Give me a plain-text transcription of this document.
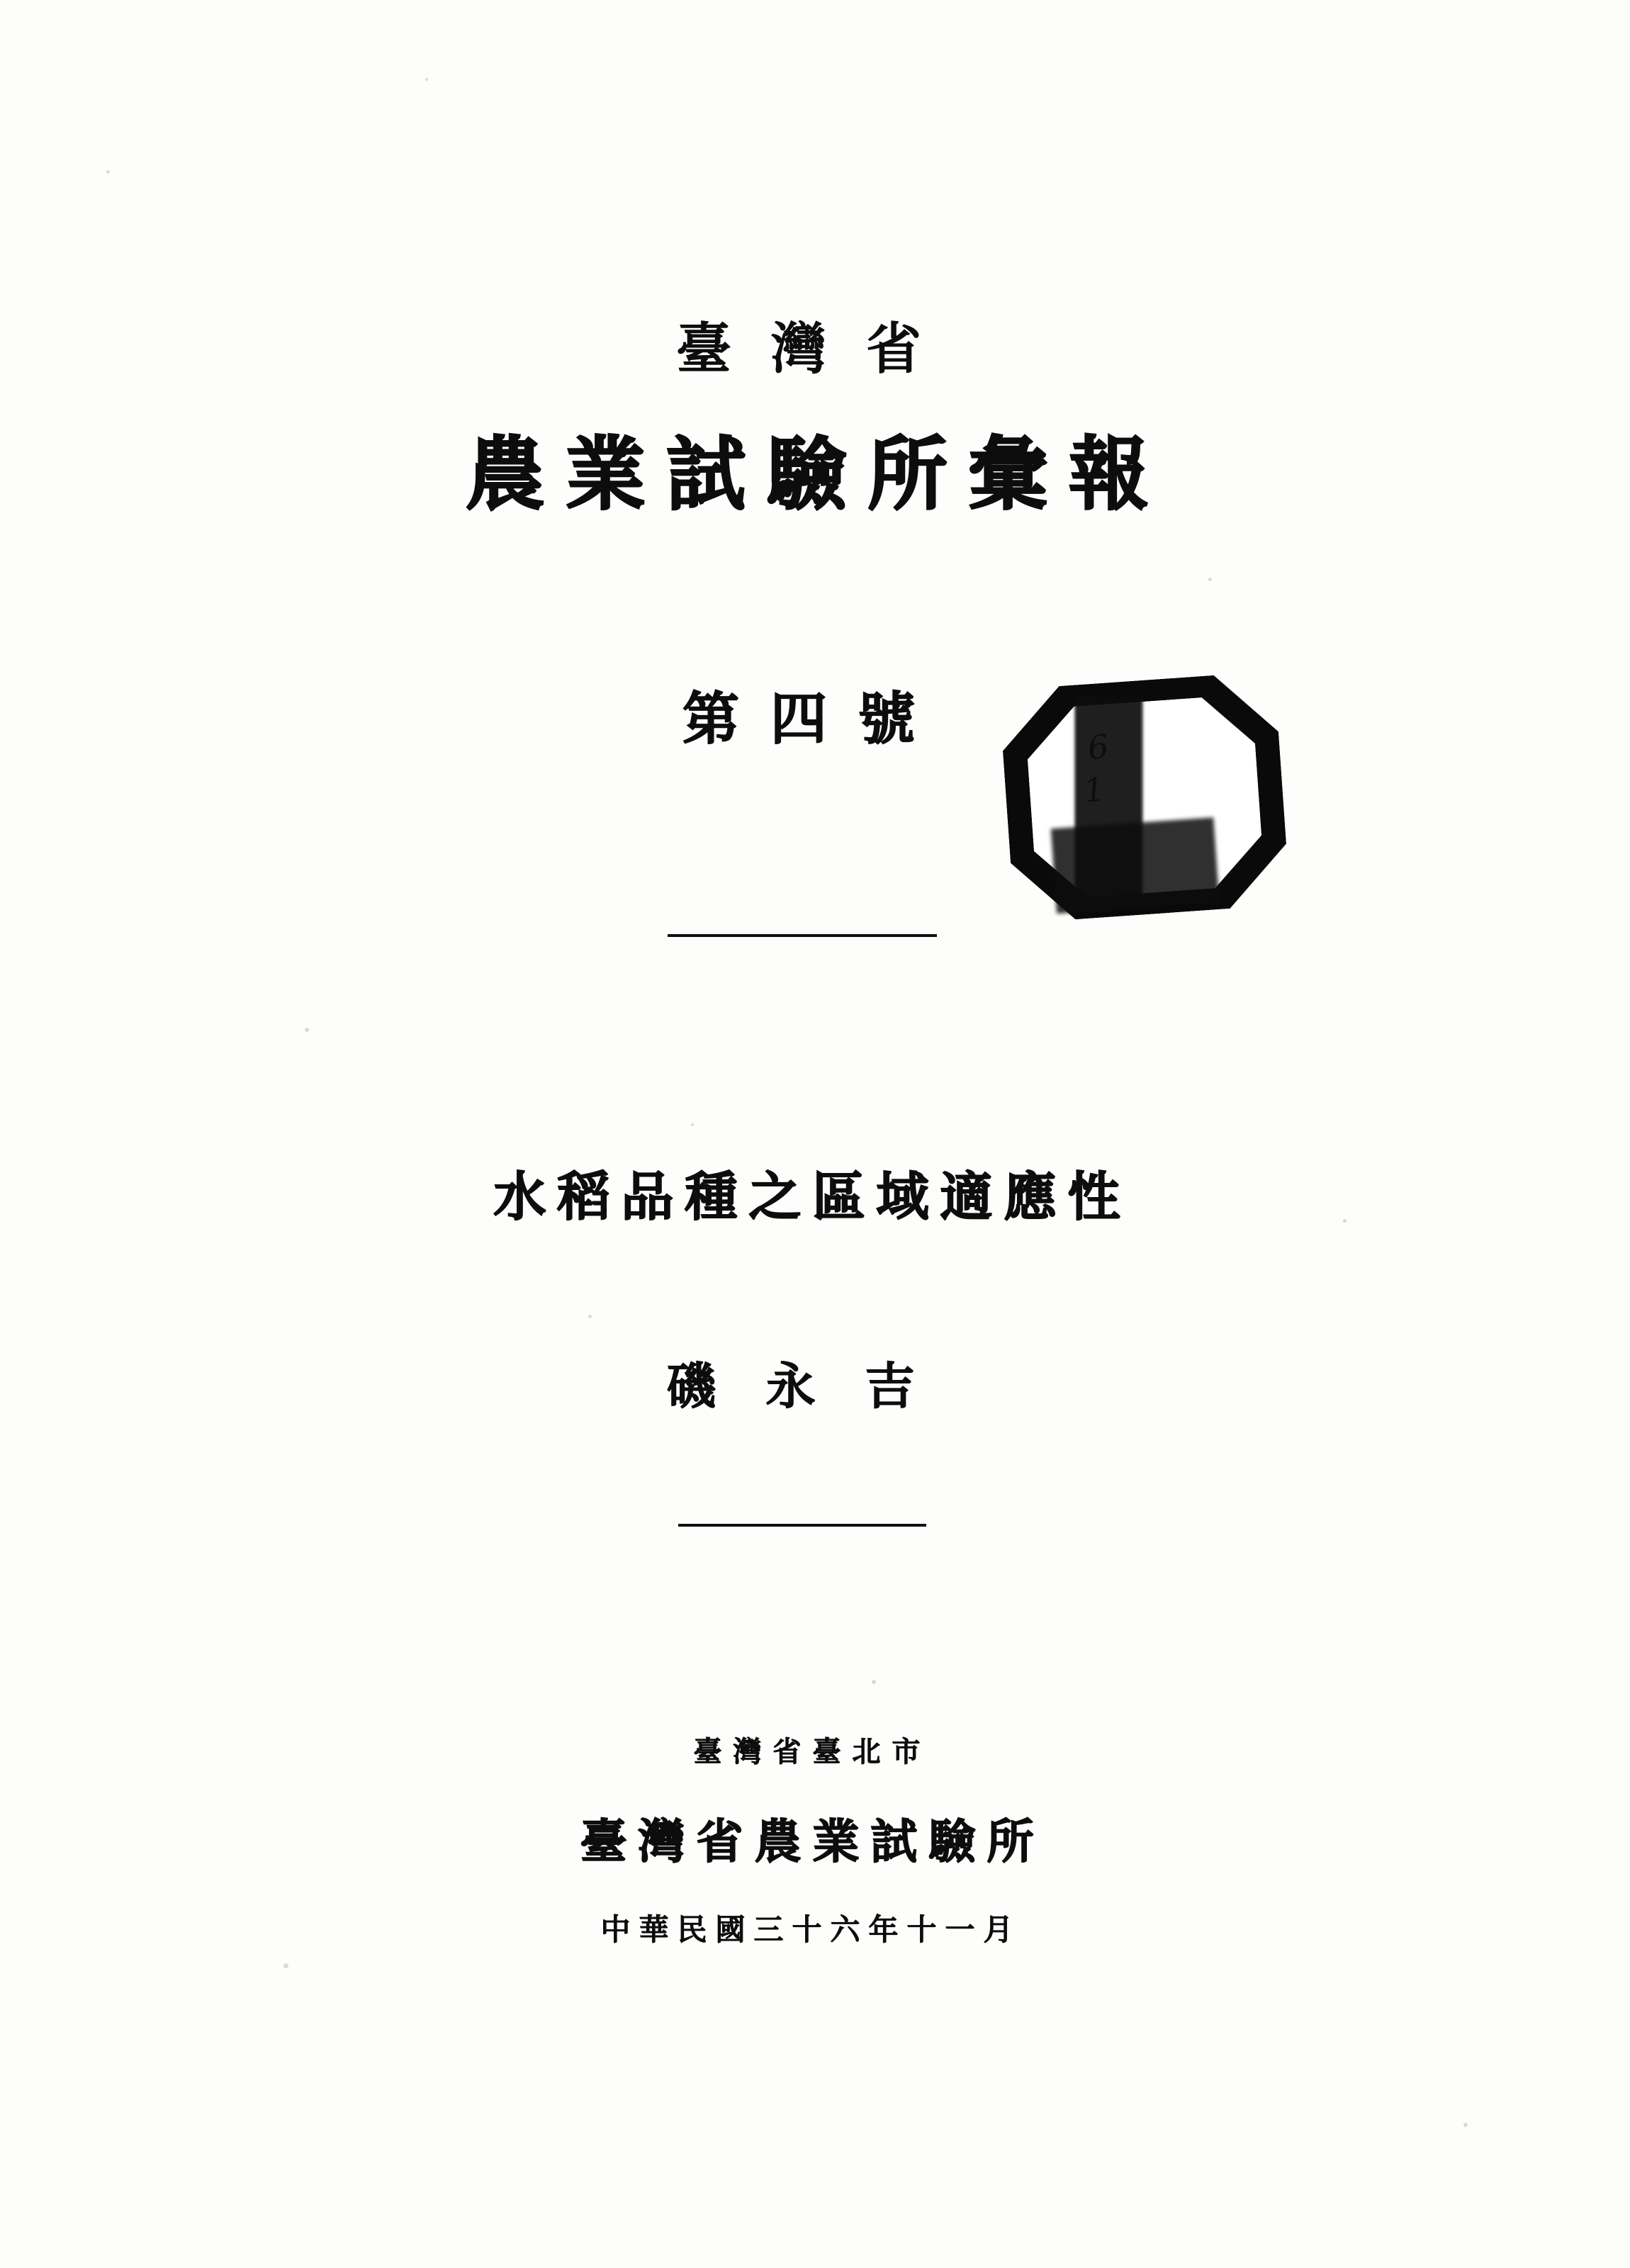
臺灣省
農業試驗所彙報
第四號
水稻品種之區域適應性
磯永吉
臺灣省臺北市
臺灣省農業試驗所
中華民國三十六年十一月
